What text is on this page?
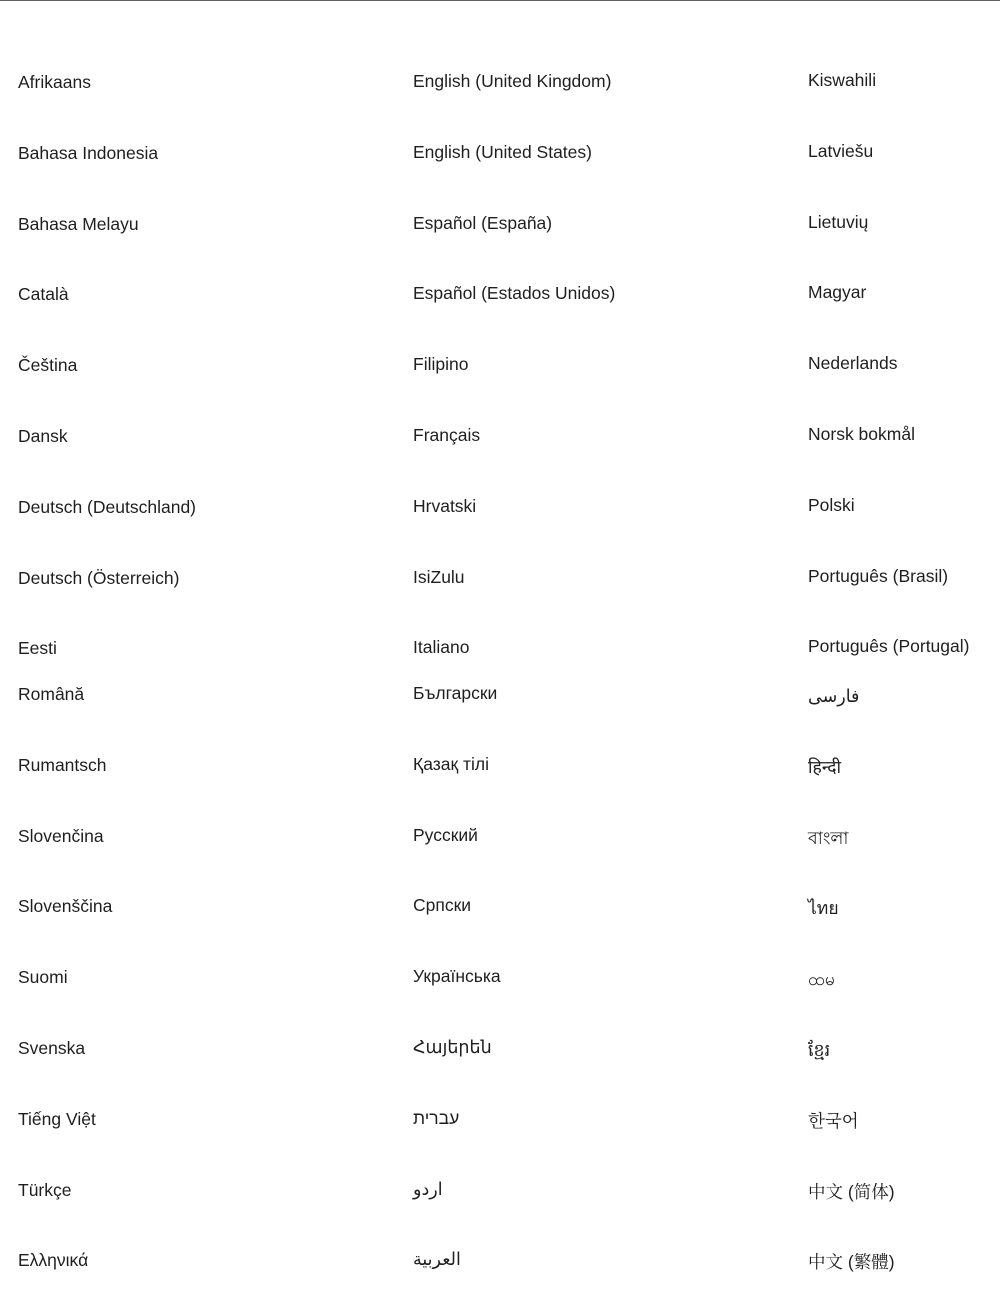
Afrikaans
Bahasa Indonesia
Bahasa Melayu
Català
Čeština
Dansk
Deutsch (Deutschland)
Deutsch (Österreich)
Eesti
English (United Kingdom)
English (United States)
Español (España)
Español (Estados Unidos)
Filipino
Français
Hrvatski
IsiZulu
Italiano
Kiswahili
Latviešu
Lietuvių
Magyar
Nederlands
Norsk bokmål
Polski
Português (Brasil)
Português (Portugal)
Română
Rumantsch
Slovenčina
Slovenščina
Suomi
Svenska
Tiếng Việt
Türkçe
Ελληνικά
Български
Қазақ тілі
Русский
Српски
Українська
Հայերեն
עברית
اردو
العربية
فارسی
हिन्दी
বাংলা
ไทย
ထမ
ខ្មែរ
한국어
中文 (简体)
中文 (繁體)
